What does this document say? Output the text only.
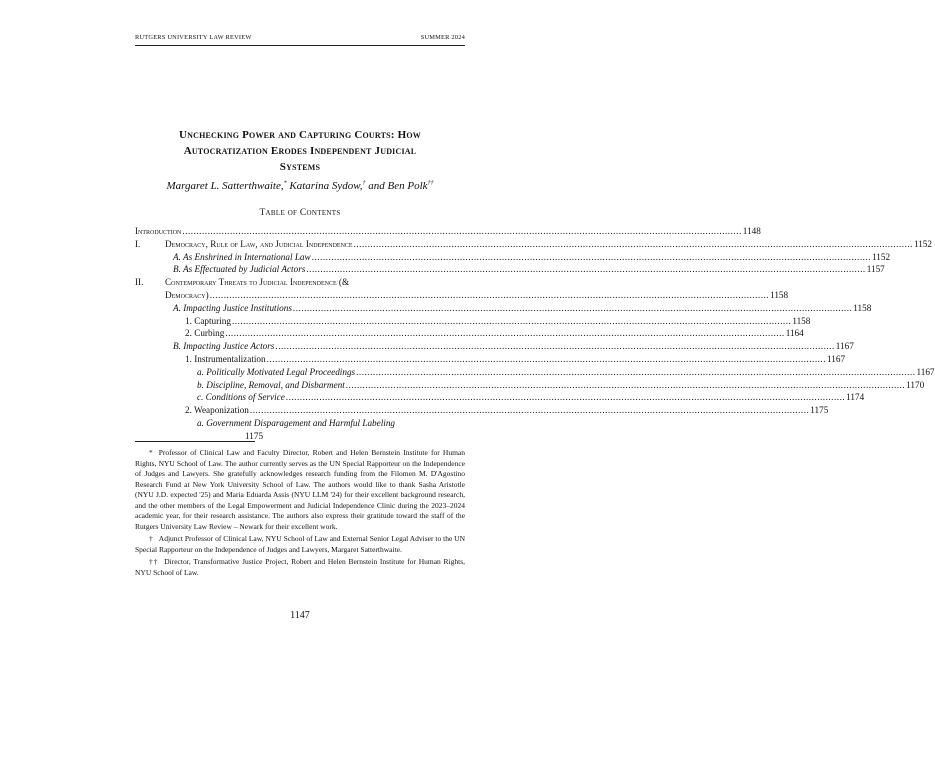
RUTGERS UNIVERSITY LAW REVIEW	SUMMER 2024
Unchecking Power and Capturing Courts: How
Autocratization Erodes Independent Judicial
Systems
Margaret L. Satterthwaite,* Katarina Sydow,† and Ben Polk††
Table of Contents
Introduction ........................................................................................................................................................................................................ 1148
I.	Democracy, Rule of Law, and Judicial Independence ........................................................................................................................................................................................................ 1152
A. As Enshrined in International Law ........................................................................................................................................................................................................ 1152
B. As Effectuated by Judicial Actors ........................................................................................................................................................................................................ 1157
II. Contemporary Threats to Judicial Independence (&
Democracy) ........................................................................................................................................................................................................ 1158
A. Impacting Justice Institutions ........................................................................................................................................................................................................ 1158
1. Capturing ........................................................................................................................................................................................................ 1158
2. Curbing ........................................................................................................................................................................................................ 1164
B. Impacting Justice Actors ........................................................................................................................................................................................................ 1167
1. Instrumentalization ........................................................................................................................................................................................................ 1167
a. Politically Motivated Legal Proceedings ........................................................................................................................................................................................................ 1167
b. Discipline, Removal, and Disbarment ........................................................................................................................................................................................................ 1170
c. Conditions of Service ........................................................................................................................................................................................................ 1174
2. Weaponization ........................................................................................................................................................................................................ 1175
a. Government Disparagement and Harmful Labeling
1175

* Professor of Clinical Law and Faculty Director, Robert and Helen Bernstein Institute for Human Rights, NYU School of Law. The author currently serves as the UN Special Rapporteur on the Independence of Judges and Lawyers. She gratefully acknowledges research funding from the Filomen M. D'Agostino Research Fund at New York University School of Law. The authors would like to thank Sasha Aristotle (NYU J.D. expected '25) and Maria Eduarda Assis (NYU LLM '24) for their excellent background research, and the other members of the Legal Empowerment and Judicial Independence Clinic during the 2023–2024 academic year, for their research assistance. The authors also express their gratitude toward the staff of the Rutgers University Law Review – Newark for their excellent work.

† Adjunct Professor of Clinical Law, NYU School of Law and External Senior Legal Adviser to the UN Special Rapporteur on the Independence of Judges and Lawyers, Margaret Satterthwaite.

†† Director, Transformative Justice Project, Robert and Helen Bernstein Institute for Human Rights, NYU School of Law.

1147
